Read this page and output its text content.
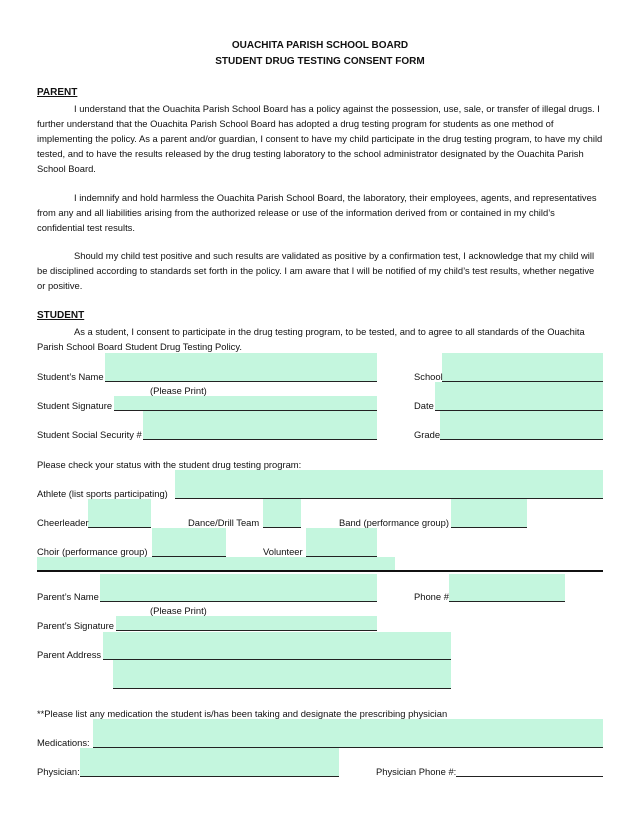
OUACHITA PARISH SCHOOL BOARD
STUDENT DRUG TESTING CONSENT FORM
PARENT
I understand that the Ouachita Parish School Board has a policy against the possession, use, sale, or transfer of illegal drugs. I further understand that the Ouachita Parish School Board has adopted a drug testing program for students as one method of implementing the policy. As a parent and/or guardian, I consent to have my child participate in the drug testing program, to have my child tested, and to have the results released by the drug testing laboratory to the school administrator designated by the Ouachita Parish School Board.
I indemnify and hold harmless the Ouachita Parish School Board, the laboratory, their employees, agents, and representatives from any and all liabilities arising from the authorized release or use of the information derived from or contained in my child’s confidential test results.
Should my child test positive and such results are validated as positive by a confirmation test, I acknowledge that my child will be disciplined according to standards set forth in the policy. I am aware that I will be notified of my child’s test results, whether negative or positive.
STUDENT
As a student, I consent to participate in the drug testing program, to be tested, and to agree to all standards of the Ouachita Parish School Board Student Drug Testing Policy.
Student’s Name	School
(Please Print)
Student Signature	Date
Student Social Security #	Grade
Please check your status with the student drug testing program:
Athlete (list sports participating)
Cheerleader	Dance/Drill Team	Band (performance group)
Choir (performance group)	Volunteer
Parent’s Name	Phone #
(Please Print)
Parent’s Signature
Parent Address
**Please list any medication the student is/has been taking and designate the prescribing physician
Medications:
Physician:	Physician Phone #:
